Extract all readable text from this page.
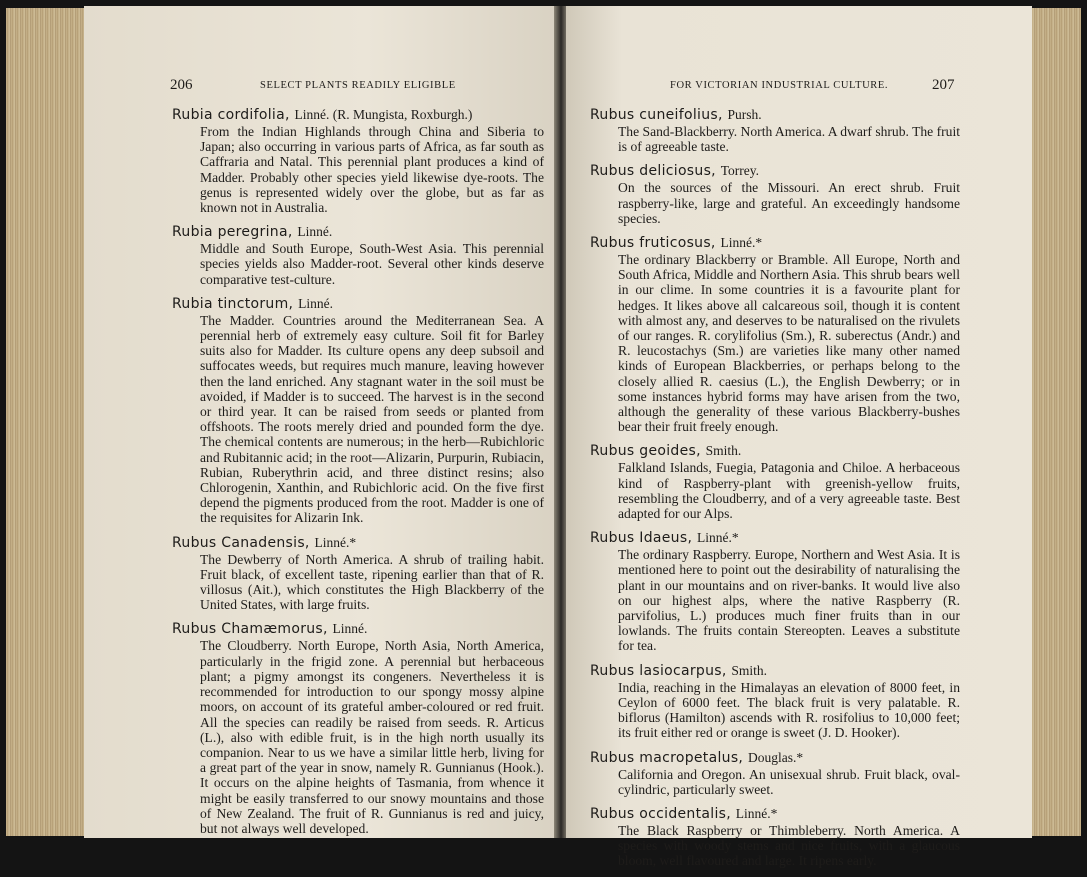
206	SELECT PLANTS READILY ELIGIBLE
Rubia cordifolia, Linné. (R. Mungista, Roxburgh.)
From the Indian Highlands through China and Siberia to Japan; also occurring in various parts of Africa, as far south as Caffraria and Natal. This perennial plant produces a kind of Madder. Probably other species yield likewise dye-roots. The genus is represented widely over the globe, but as far as known not in Australia.
Rubia peregrina, Linné.
Middle and South Europe, South-West Asia. This perennial species yields also Madder-root. Several other kinds deserve comparative test-culture.
Rubia tinctorum, Linné.
The Madder. Countries around the Mediterranean Sea. A perennial herb of extremely easy culture. Soil fit for Barley suits also for Madder. Its culture opens any deep subsoil and suffocates weeds, but requires much manure, leaving however then the land enriched. Any stagnant water in the soil must be avoided, if Madder is to succeed. The harvest is in the second or third year. It can be raised from seeds or planted from offshoots. The roots merely dried and pounded form the dye. The chemical contents are numerous; in the herb—Rubichloric and Rubitannic acid; in the root—Alizarin, Purpurin, Rubiacin, Rubian, Ruberythrin acid, and three distinct resins; also Chlorogenin, Xanthin, and Rubichloric acid. On the five first depend the pigments produced from the root. Madder is one of the requisites for Alizarin Ink.
Rubus Canadensis, Linné.*
The Dewberry of North America. A shrub of trailing habit. Fruit black, of excellent taste, ripening earlier than that of R. villosus (Ait.), which constitutes the High Blackberry of the United States, with large fruits.
Rubus Chamæmorus, Linné.
The Cloudberry. North Europe, North Asia, North America, particularly in the frigid zone. A perennial but herbaceous plant; a pigmy amongst its congeners. Nevertheless it is recommended for introduction to our spongy mossy alpine moors, on account of its grateful amber-coloured or red fruit. All the species can readily be raised from seeds. R. Articus (L.), also with edible fruit, is in the high north usually its companion. Near to us we have a similar little herb, living for a great part of the year in snow, namely R. Gunnianus (Hook.). It occurs on the alpine heights of Tasmania, from whence it might be easily transferred to our snowy mountains and those of New Zealand. The fruit of R. Gunnianus is red and juicy, but not always well developed.
FOR VICTORIAN INDUSTRIAL CULTURE.	207
Rubus cuneifolius, Pursh.
The Sand-Blackberry. North America. A dwarf shrub. The fruit is of agreeable taste.
Rubus deliciosus, Torrey.
On the sources of the Missouri. An erect shrub. Fruit raspberry-like, large and grateful. An exceedingly handsome species.
Rubus fruticosus, Linné.*
The ordinary Blackberry or Bramble. All Europe, North and South Africa, Middle and Northern Asia. This shrub bears well in our clime. In some countries it is a favourite plant for hedges. It likes above all calcareous soil, though it is content with almost any, and deserves to be naturalised on the rivulets of our ranges. R. corylifolius (Sm.), R. suberectus (Andr.) and R. leucostachys (Sm.) are varieties like many other named kinds of European Blackberries, or perhaps belong to the closely allied R. caesius (L.), the English Dewberry; or in some instances hybrid forms may have arisen from the two, although the generality of these various Blackberry-bushes bear their fruit freely enough.
Rubus geoides, Smith.
Falkland Islands, Fuegia, Patagonia and Chiloe. A herbaceous kind of Raspberry-plant with greenish-yellow fruits, resembling the Cloudberry, and of a very agreeable taste. Best adapted for our Alps.
Rubus Idaeus, Linné.*
The ordinary Raspberry. Europe, Northern and West Asia. It is mentioned here to point out the desirability of naturalising the plant in our mountains and on river-banks. It would live also on our highest alps, where the native Raspberry (R. parvifolius, L.) produces much finer fruits than in our lowlands. The fruits contain Stereopten. Leaves a substitute for tea.
Rubus lasiocarpus, Smith.
India, reaching in the Himalayas an elevation of 8000 feet, in Ceylon of 6000 feet. The black fruit is very palatable. R. biflorus (Hamilton) ascends with R. rosifolius to 10,000 feet; its fruit either red or orange is sweet (J. D. Hooker).
Rubus macropetalus, Douglas.*
California and Oregon. An unisexual shrub. Fruit black, oval-cylindric, particularly sweet.
Rubus occidentalis, Linné.*
The Black Raspberry or Thimbleberry. North America. A species with woody stems and nice fruits, with a glaucous bloom, well flavoured and large. It ripens early.
